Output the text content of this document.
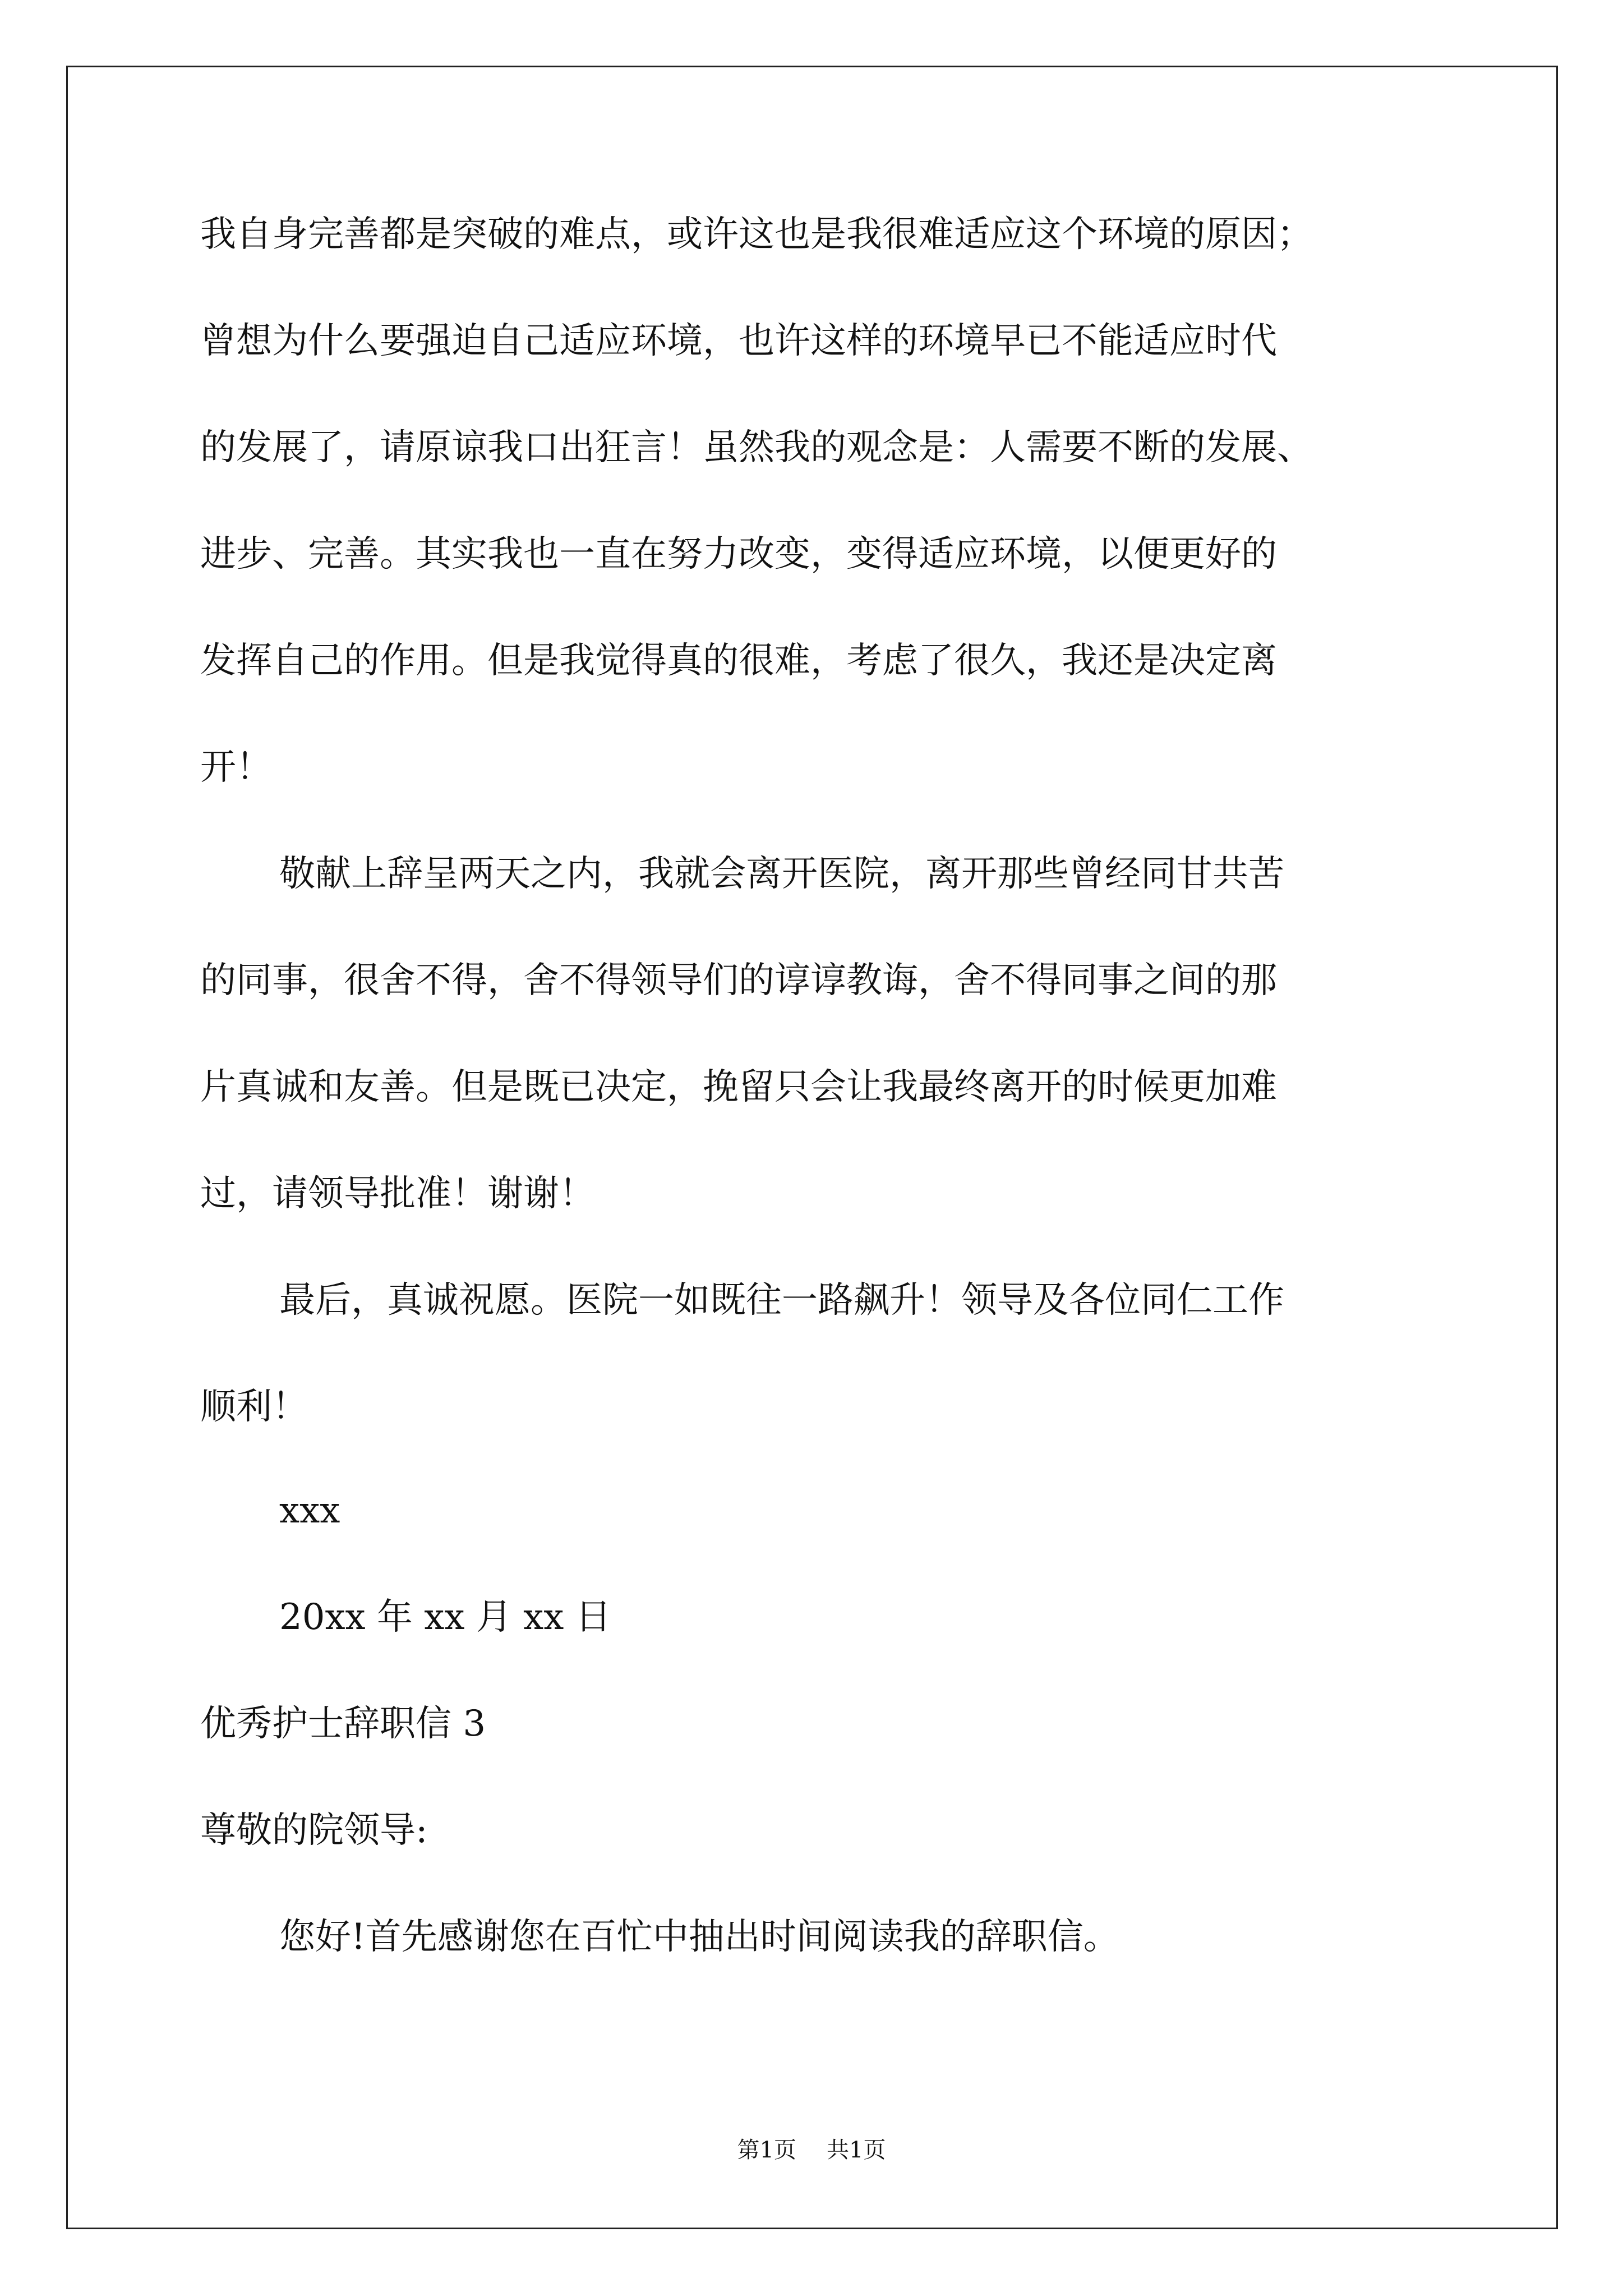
我自身完善都是突破的难点，或许这也是我很难适应这个环境的原因；
曾想为什么要强迫自己适应环境，也许这样的环境早已不能适应时代
的发展了，请原谅我口出狂言！虽然我的观念是：人需要不断的发展、
进步、完善。其实我也一直在努力改变，变得适应环境，以便更好的
发挥自己的作用。但是我觉得真的很难，考虑了很久，我还是决定离
开！
敬献上辞呈两天之内，我就会离开医院，离开那些曾经同甘共苦
的同事，很舍不得，舍不得领导们的谆谆教诲，舍不得同事之间的那
片真诚和友善。但是既已决定，挽留只会让我最终离开的时候更加难
过，请领导批准！谢谢！
最后，真诚祝愿。医院一如既往一路飙升！领导及各位同仁工作
顺利！
xxx
20xx 年 xx 月 xx 日
优秀护士辞职信 3
尊敬的院领导:
您好!首先感谢您在百忙中抽出时间阅读我的辞职信。
第1页 共1页
